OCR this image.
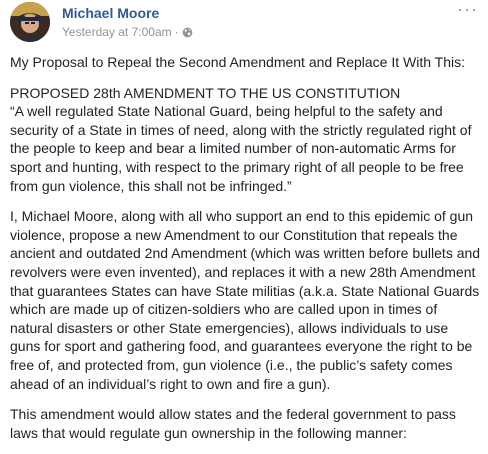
Michael Moore
Yesterday at 7:00am ·
···

My Proposal to Repeal the Second Amendment and Replace It With This:

PROPOSED 28th AMENDMENT TO THE US CONSTITUTION

“A well regulated State National Guard, being helpful to the safety and security of a State in times of need, along with the strictly regulated right of the people to keep and bear a limited number of non-automatic Arms for sport and hunting, with respect to the primary right of all people to be free from gun violence, this shall not be infringed.”

I, Michael Moore, along with all who support an end to this epidemic of gun violence, propose a new Amendment to our Constitution that repeals the ancient and outdated 2nd Amendment (which was written before bullets and revolvers were even invented), and replaces it with a new 28th Amendment that guarantees States can have State militias (a.k.a. State National Guards which are made up of citizen-soldiers who are called upon in times of natural disasters or other State emergencies), allows individuals to use guns for sport and gathering food, and guarantees everyone the right to be free of, and protected from, gun violence (i.e., the public’s safety comes ahead of an individual’s right to own and fire a gun).

This amendment would allow states and the federal government to pass laws that would regulate gun ownership in the following manner:
